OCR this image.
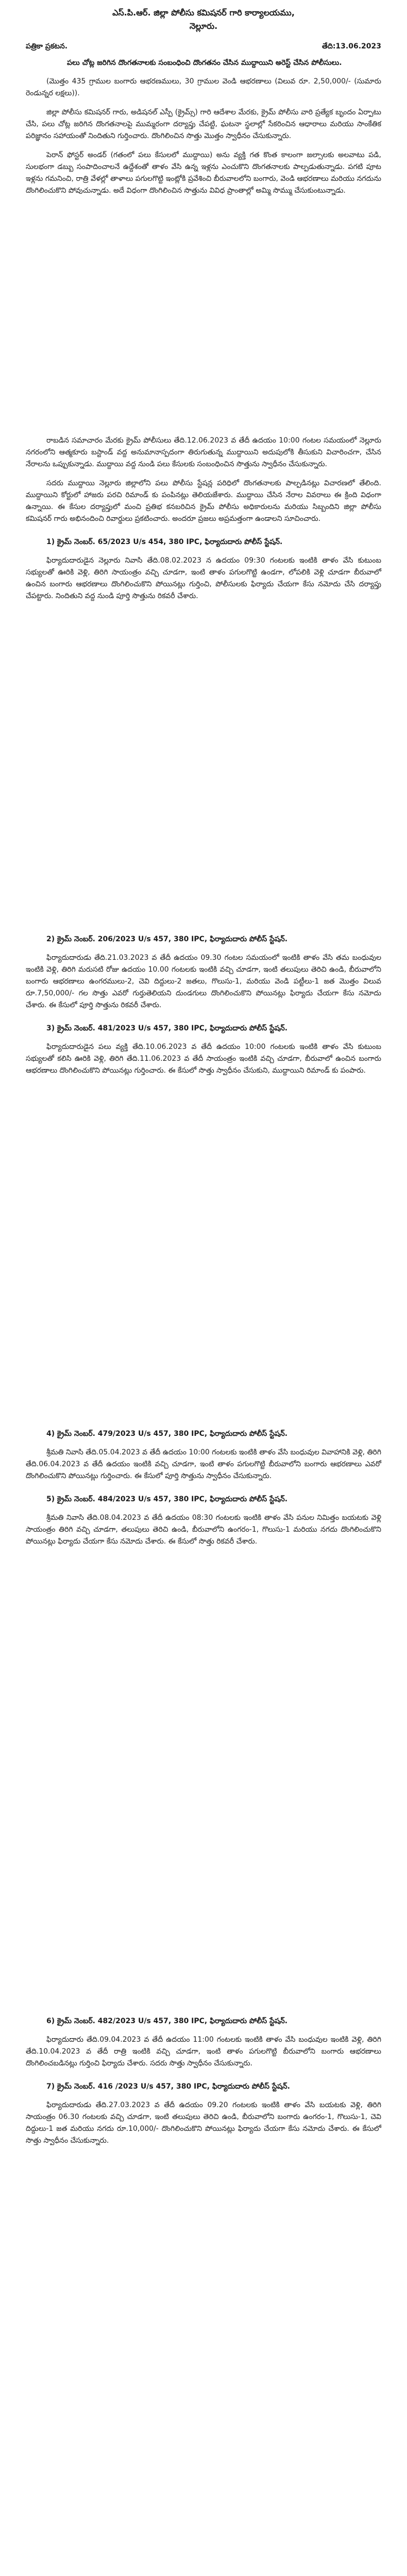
ఎస్.పి.ఆర్. జిల్లా పోలీసు కమిషనర్ గారి కార్యాలయము,
నెల్లూరు.
పత్రికా ప్రకటన.	తేది:13.06.2023
పలు చోట్ల జరిగిన దొంగతనాలకు సంబంధించి దొంగతనం చేసిన ముద్దాయిని అరెస్ట్ చేసిన పోలీసులు.

(మొత్తం 435 గ్రాముల బంగారు ఆభరణములు, 30 గ్రాముల వెండి ఆభరణాలు (విలువ రూ. 2,50,000/- (సుమారు రెండున్నర లక్షలు)).

జిల్లా పోలీసు కమిషనర్ గారు, అడిషనల్ ఎస్పీ (క్రైమ్స్) గారి ఆదేశాల మేరకు, క్రైమ్ పోలీసు వారి ప్రత్యేక బృందం ఏర్పాటు చేసి, పలు చోట్ల జరిగిన దొంగతనాలపై ముమ్మరంగా దర్యాప్తు చేపట్టి, ఘటనా స్థలాల్లో సేకరించిన ఆధారాలు మరియు సాంకేతిక పరిజ్ఞానం సహాయంతో నిందితుని గుర్తించారు. దొంగిలించిన సొత్తు మొత్తం స్వాధీనం చేసుకున్నారు.

పెరాన్ ఫోస్టర్ అండర్ (గతంలో పలు కేసులలో ముద్దాయి) అను వ్యక్తి గత కొంత కాలంగా జల్సాలకు అలవాటు పడి, సులభంగా డబ్బు సంపాదించాలనే ఉద్దేశంతో తాళం వేసి ఉన్న ఇళ్లను ఎంచుకొని దొంగతనాలకు పాల్పడుతున్నాడు. పగటి పూట ఇళ్లను గమనించి, రాత్రి వేళల్లో తాళాలు పగులగొట్టి ఇంట్లోకి ప్రవేశించి బీరువాలలోని బంగారు, వెండి ఆభరణాలు మరియు నగదును దొంగిలించుకొని పోవుచున్నాడు. అదే విధంగా దొంగిలించిన సొత్తును వివిధ ప్రాంతాల్లో అమ్మి సొమ్ము చేసుకుంటున్నాడు.

రాబడిన సమాచారం మేరకు క్రైమ్ పోలీసులు తేది.12.06.2023 వ తేదీ ఉదయం 10:00 గంటల సమయంలో నెల్లూరు నగరంలోని ఆత్మకూరు బస్టాండ్ వద్ద అనుమానాస్పదంగా తిరుగుతున్న ముద్దాయిని అదుపులోకి తీసుకుని విచారించగా, చేసిన నేరాలను ఒప్పుకున్నాడు. ముద్దాయి వద్ద నుండి పలు కేసులకు సంబంధించిన సొత్తును స్వాధీనం చేసుకున్నారు.

సదరు ముద్దాయి నెల్లూరు జిల్లాలోని పలు పోలీసు స్టేషన్ల పరిధిలో దొంగతనాలకు పాల్పడినట్లు విచారణలో తేలింది. ముద్దాయిని కోర్టులో హాజరు పరచి రిమాండ్ కు పంపినట్లు తెలియజేశారు. ముద్దాయి చేసిన నేరాల వివరాలు ఈ క్రింది విధంగా ఉన్నాయి. ఈ కేసుల దర్యాప్తులో మంచి ప్రతిభ కనబరిచిన క్రైమ్ పోలీసు అధికారులను మరియు సిబ్బందిని జిల్లా పోలీసు కమిషనర్ గారు అభినందించి రివార్డులు ప్రకటించారు. అందరూ ప్రజలు అప్రమత్తంగా ఉండాలని సూచించారు.

1) క్రైమ్ నెంబర్. 65/2023 U/s 454, 380 IPC, ఫిర్యాదుదారు పోలీస్ స్టేషన్.

ఫిర్యాదుదారుడైన నెల్లూరు నివాసి తేది.08.02.2023 న ఉదయం 09:30 గంటలకు ఇంటికి తాళం వేసి కుటుంబ సభ్యులతో ఊరికి వెళ్లి, తిరిగి సాయంత్రం వచ్చి చూడగా, ఇంటి తాళం పగులగొట్టి ఉండగా, లోపలికి వెళ్లి చూడగా బీరువాలో ఉంచిన బంగారు ఆభరణాలు దొంగిలించుకొని పోయినట్లు గుర్తించి, పోలీసులకు ఫిర్యాదు చేయగా కేసు నమోదు చేసి దర్యాప్తు చేపట్టారు. నిందితుని వద్ద నుండి పూర్తి సొత్తును రికవరీ చేశారు.

2) క్రైమ్ నెంబర్. 206/2023 U/s 457, 380 IPC, ఫిర్యాదుదారు పోలీస్ స్టేషన్.

ఫిర్యాదుదారుడు తేది.21.03.2023 వ తేదీ ఉదయం 09.30 గంటల సమయంలో ఇంటికి తాళం వేసి తమ బంధువుల ఇంటికి వెళ్లి, తిరిగి మరుసటి రోజు ఉదయం 10.00 గంటలకు ఇంటికి వచ్చి చూడగా, ఇంటి తలుపులు తెరిచి ఉండి, బీరువాలోని బంగారు ఆభరణాలు ఉంగరములు-2, చెవి దిద్దులు-2 జతలు, గొలుసు-1, మరియు వెండి పట్టీలు-1 జత మొత్తం విలువ రూ.7,50,000/- గల సొత్తు ఎవరో గుర్తుతెలియని దుండగులు దొంగిలించుకొని పోయినట్లు ఫిర్యాదు చేయగా కేసు నమోదు చేశారు. ఈ కేసులో పూర్తి సొత్తును రికవరీ చేశారు.

3) క్రైమ్ నెంబర్. 481/2023 U/s 457, 380 IPC, ఫిర్యాదుదారు పోలీస్ స్టేషన్.

ఫిర్యాదుదారుడైన పలు వ్యక్తి తేది.10.06.2023 వ తేదీ ఉదయం 10:00 గంటలకు ఇంటికి తాళం వేసి కుటుంబ సభ్యులతో కలిసి ఊరికి వెళ్లి, తిరిగి తేది.11.06.2023 వ తేదీ సాయంత్రం ఇంటికి వచ్చి చూడగా, బీరువాలో ఉంచిన బంగారు ఆభరణాలు దొంగిలించుకొని పోయినట్లు గుర్తించారు. ఈ కేసులో సొత్తు స్వాధీనం చేసుకుని, ముద్దాయిని రిమాండ్ కు పంపారు.

4) క్రైమ్ నెంబర్. 479/2023 U/s 457, 380 IPC, ఫిర్యాదుదారు పోలీస్ స్టేషన్.

శ్రీమతి నివాసి తేది.05.04.2023 వ తేదీ ఉదయం 10:00 గంటలకు ఇంటికి తాళం వేసి బంధువుల వివాహానికి వెళ్లి, తిరిగి తేది.06.04.2023 వ తేదీ ఉదయం ఇంటికి వచ్చి చూడగా, ఇంటి తాళం పగులగొట్టి బీరువాలోని బంగారు ఆభరణాలు ఎవరో దొంగిలించుకొని పోయినట్లు గుర్తించారు. ఈ కేసులో పూర్తి సొత్తును స్వాధీనం చేసుకున్నారు.

5) క్రైమ్ నెంబర్. 484/2023 U/s 457, 380 IPC, ఫిర్యాదుదారు పోలీస్ స్టేషన్.

శ్రీమతి నివాసి తేది.08.04.2023 వ తేదీ ఉదయం 08:30 గంటలకు ఇంటికి తాళం వేసి పనుల నిమిత్తం బయటకు వెళ్లి సాయంత్రం తిరిగి వచ్చి చూడగా, తలుపులు తెరిచి ఉండి, బీరువాలోని ఉంగరం-1, గొలుసు-1 మరియు నగదు దొంగిలించుకొని పోయినట్లు ఫిర్యాదు చేయగా కేసు నమోదు చేశారు. ఈ కేసులో సొత్తు రికవరీ చేశారు.

6) క్రైమ్ నెంబర్. 482/2023 U/s 457, 380 IPC, ఫిర్యాదుదారు పోలీస్ స్టేషన్.

ఫిర్యాదుదారు తేది.09.04.2023 వ తేదీ ఉదయం 11:00 గంటలకు ఇంటికి తాళం వేసి బంధువుల ఇంటికి వెళ్లి, తిరిగి తేది.10.04.2023 వ తేదీ రాత్రి ఇంటికి వచ్చి చూడగా, ఇంటి తాళం పగులగొట్టి బీరువాలోని బంగారు ఆభరణాలు దొంగిలించబడినట్లు గుర్తించి ఫిర్యాదు చేశారు. సదరు సొత్తు స్వాధీనం చేసుకున్నారు.

7) క్రైమ్ నెంబర్. 416 /2023 U/s 457, 380 IPC, ఫిర్యాదుదారు పోలీస్ స్టేషన్.

ఫిర్యాదుదారుడు తేది.27.03.2023 వ తేదీ ఉదయం 09.20 గంటలకు ఇంటికి తాళం వేసి బయటకు వెళ్లి, తిరిగి సాయంత్రం 06.30 గంటలకు వచ్చి చూడగా, ఇంటి తలుపులు తెరిచి ఉండి, బీరువాలోని బంగారు ఉంగరం-1, గొలుసు-1, చెవి దిద్దులు-1 జత మరియు నగదు రూ.10,000/- దొంగిలించుకొని పోయినట్లు ఫిర్యాదు చేయగా కేసు నమోదు చేశారు. ఈ కేసులో సొత్తు స్వాధీనం చేసుకున్నారు.
